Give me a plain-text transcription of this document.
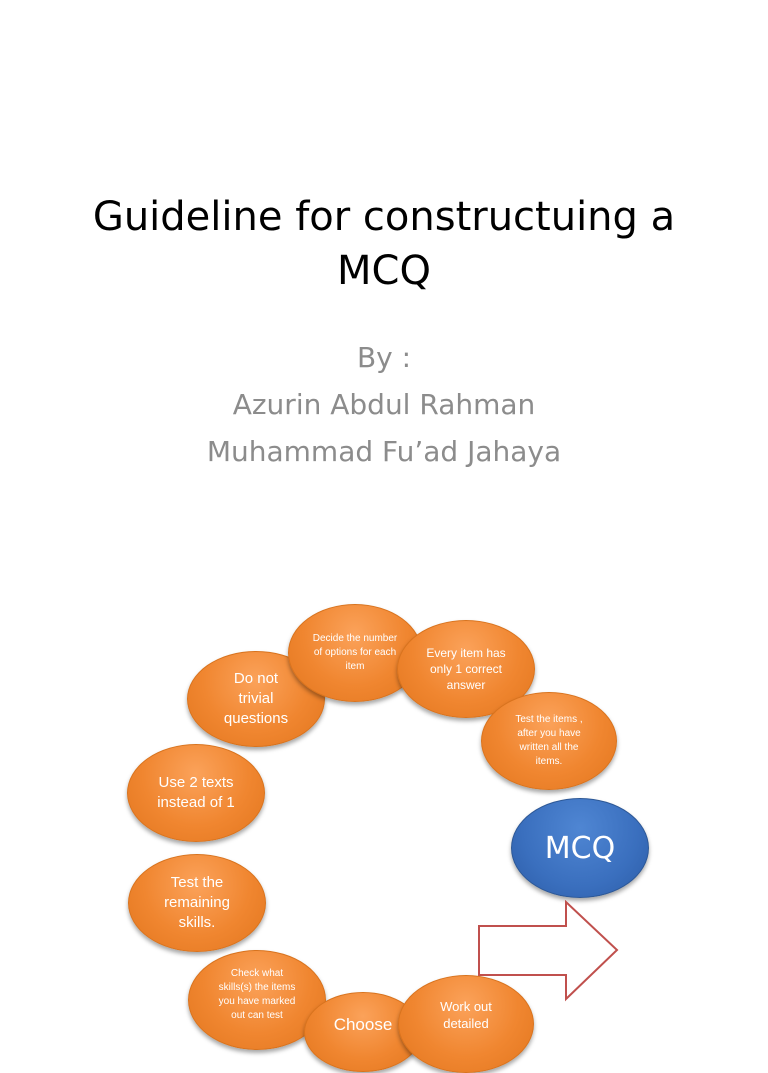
Guideline for constructuing a
MCQ
By :
Azurin Abdul Rahman
Muhammad Fu’ad Jahaya
Do not trivial questions
Decide the number of options for each item
Every item has only 1 correct answer
Test the items , after you have written all the items.
Use 2 texts instead of 1
Test the remaining skills.
Check what skills(s) the items you have marked out can test	Choose
Work out detailed
MCQ
